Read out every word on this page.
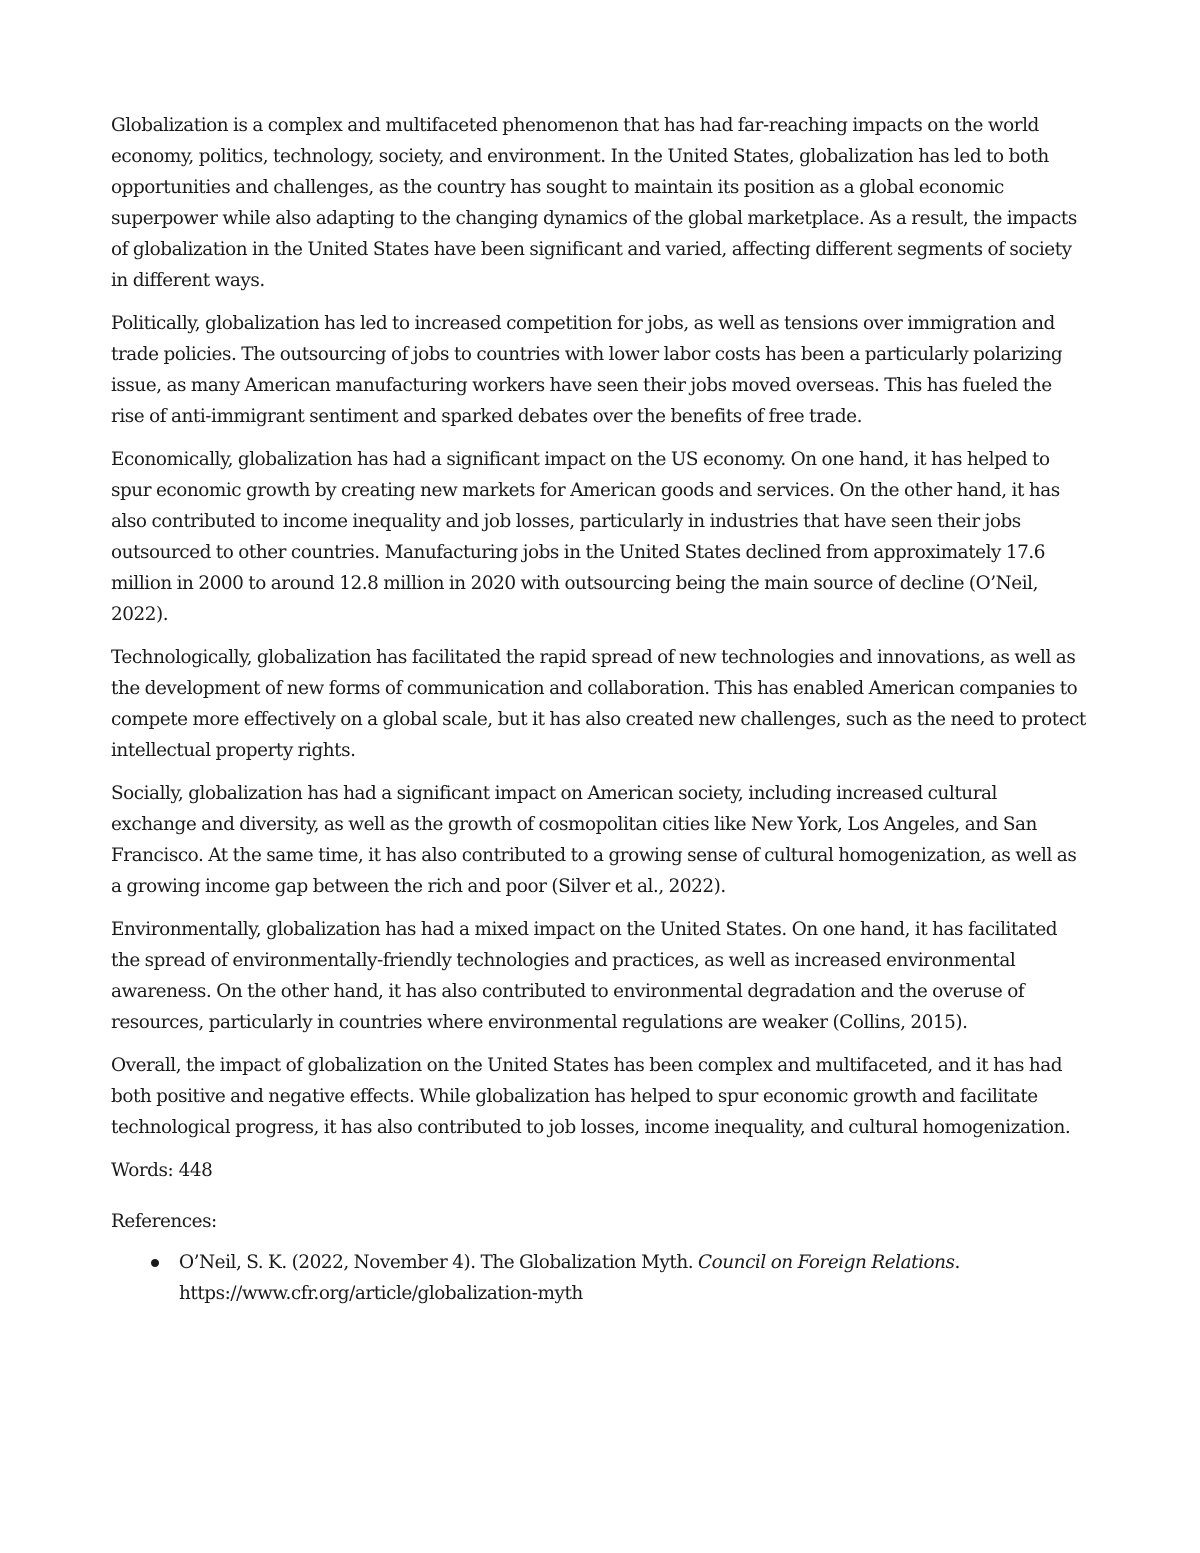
Globalization is a complex and multifaceted phenomenon that has had far-reaching impacts on the world economy, politics, technology, society, and environment. In the United States, globalization has led to both opportunities and challenges, as the country has sought to maintain its position as a global economic superpower while also adapting to the changing dynamics of the global marketplace. As a result, the impacts of globalization in the United States have been significant and varied, affecting different segments of society in different ways.

Politically, globalization has led to increased competition for jobs, as well as tensions over immigration and trade policies. The outsourcing of jobs to countries with lower labor costs has been a particularly polarizing issue, as many American manufacturing workers have seen their jobs moved overseas. This has fueled the rise of anti-immigrant sentiment and sparked debates over the benefits of free trade.

Economically, globalization has had a significant impact on the US economy. On one hand, it has helped to spur economic growth by creating new markets for American goods and services. On the other hand, it has also contributed to income inequality and job losses, particularly in industries that have seen their jobs outsourced to other countries. Manufacturing jobs in the United States declined from approximately 17.6 million in 2000 to around 12.8 million in 2020 with outsourcing being the main source of decline (O’Neil, 2022).

Technologically, globalization has facilitated the rapid spread of new technologies and innovations, as well as the development of new forms of communication and collaboration. This has enabled American companies to compete more effectively on a global scale, but it has also created new challenges, such as the need to protect intellectual property rights.

Socially, globalization has had a significant impact on American society, including increased cultural exchange and diversity, as well as the growth of cosmopolitan cities like New York, Los Angeles, and San Francisco. At the same time, it has also contributed to a growing sense of cultural homogenization, as well as a growing income gap between the rich and poor (Silver et al., 2022).

Environmentally, globalization has had a mixed impact on the United States. On one hand, it has facilitated the spread of environmentally-friendly technologies and practices, as well as increased environmental awareness. On the other hand, it has also contributed to environmental degradation and the overuse of resources, particularly in countries where environmental regulations are weaker (Collins, 2015).

Overall, the impact of globalization on the United States has been complex and multifaceted, and it has had both positive and negative effects. While globalization has helped to spur economic growth and facilitate technological progress, it has also contributed to job losses, income inequality, and cultural homogenization.

Words: 448

References:

O’Neil, S. K. (2022, November 4). The Globalization Myth. Council on Foreign Relations.
https://www.cfr.org/article/globalization-myth
